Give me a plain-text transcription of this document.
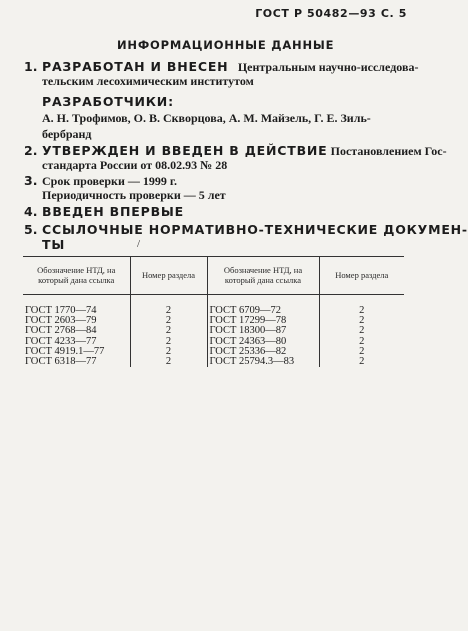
ГОСТ Р 50482—93 С. 5
ИНФОРМАЦИОННЫЕ ДАННЫЕ
1. РАЗРАБОТАН И ВНЕСЕН Центральным научно-исследова-
тельским лесохимическим институтом
РАЗРАБОТЧИКИ:
А. Н. Трофимов, О. В. Скворцова, А. М. Майзель, Г. Е. Зиль-
бербранд
2. УТВЕРЖДЕН И ВВЕДЕН В ДЕЙСТВИЕ Постановлением Гос-
стандарта России от 08.02.93 № 28
3. Срок проверки — 1999 г.
Периодичность проверки — 5 лет
4. ВВЕДЕН ВПЕРВЫЕ
5. ССЫЛОЧНЫЕ НОРМАТИВНО-ТЕХНИЧЕСКИЕ ДОКУМЕН-
ТЫ	/
Обозначение НТД, на который дана ссылка	Номер раздела	Обозначение НТД, на который дана ссылка	Номер раздела
ГОСТ 1770—74	2	ГОСТ 6709—72	2
ГОСТ 2603—79	2	ГОСТ 17299—78	2
ГОСТ 2768—84	2	ГОСТ 18300—87	2
ГОСТ 4233—77	2	ГОСТ 24363—80	2
ГОСТ 4919.1—77	2	ГОСТ 25336—82	2
ГОСТ 6318—77	2	ГОСТ 25794.3—83	2
